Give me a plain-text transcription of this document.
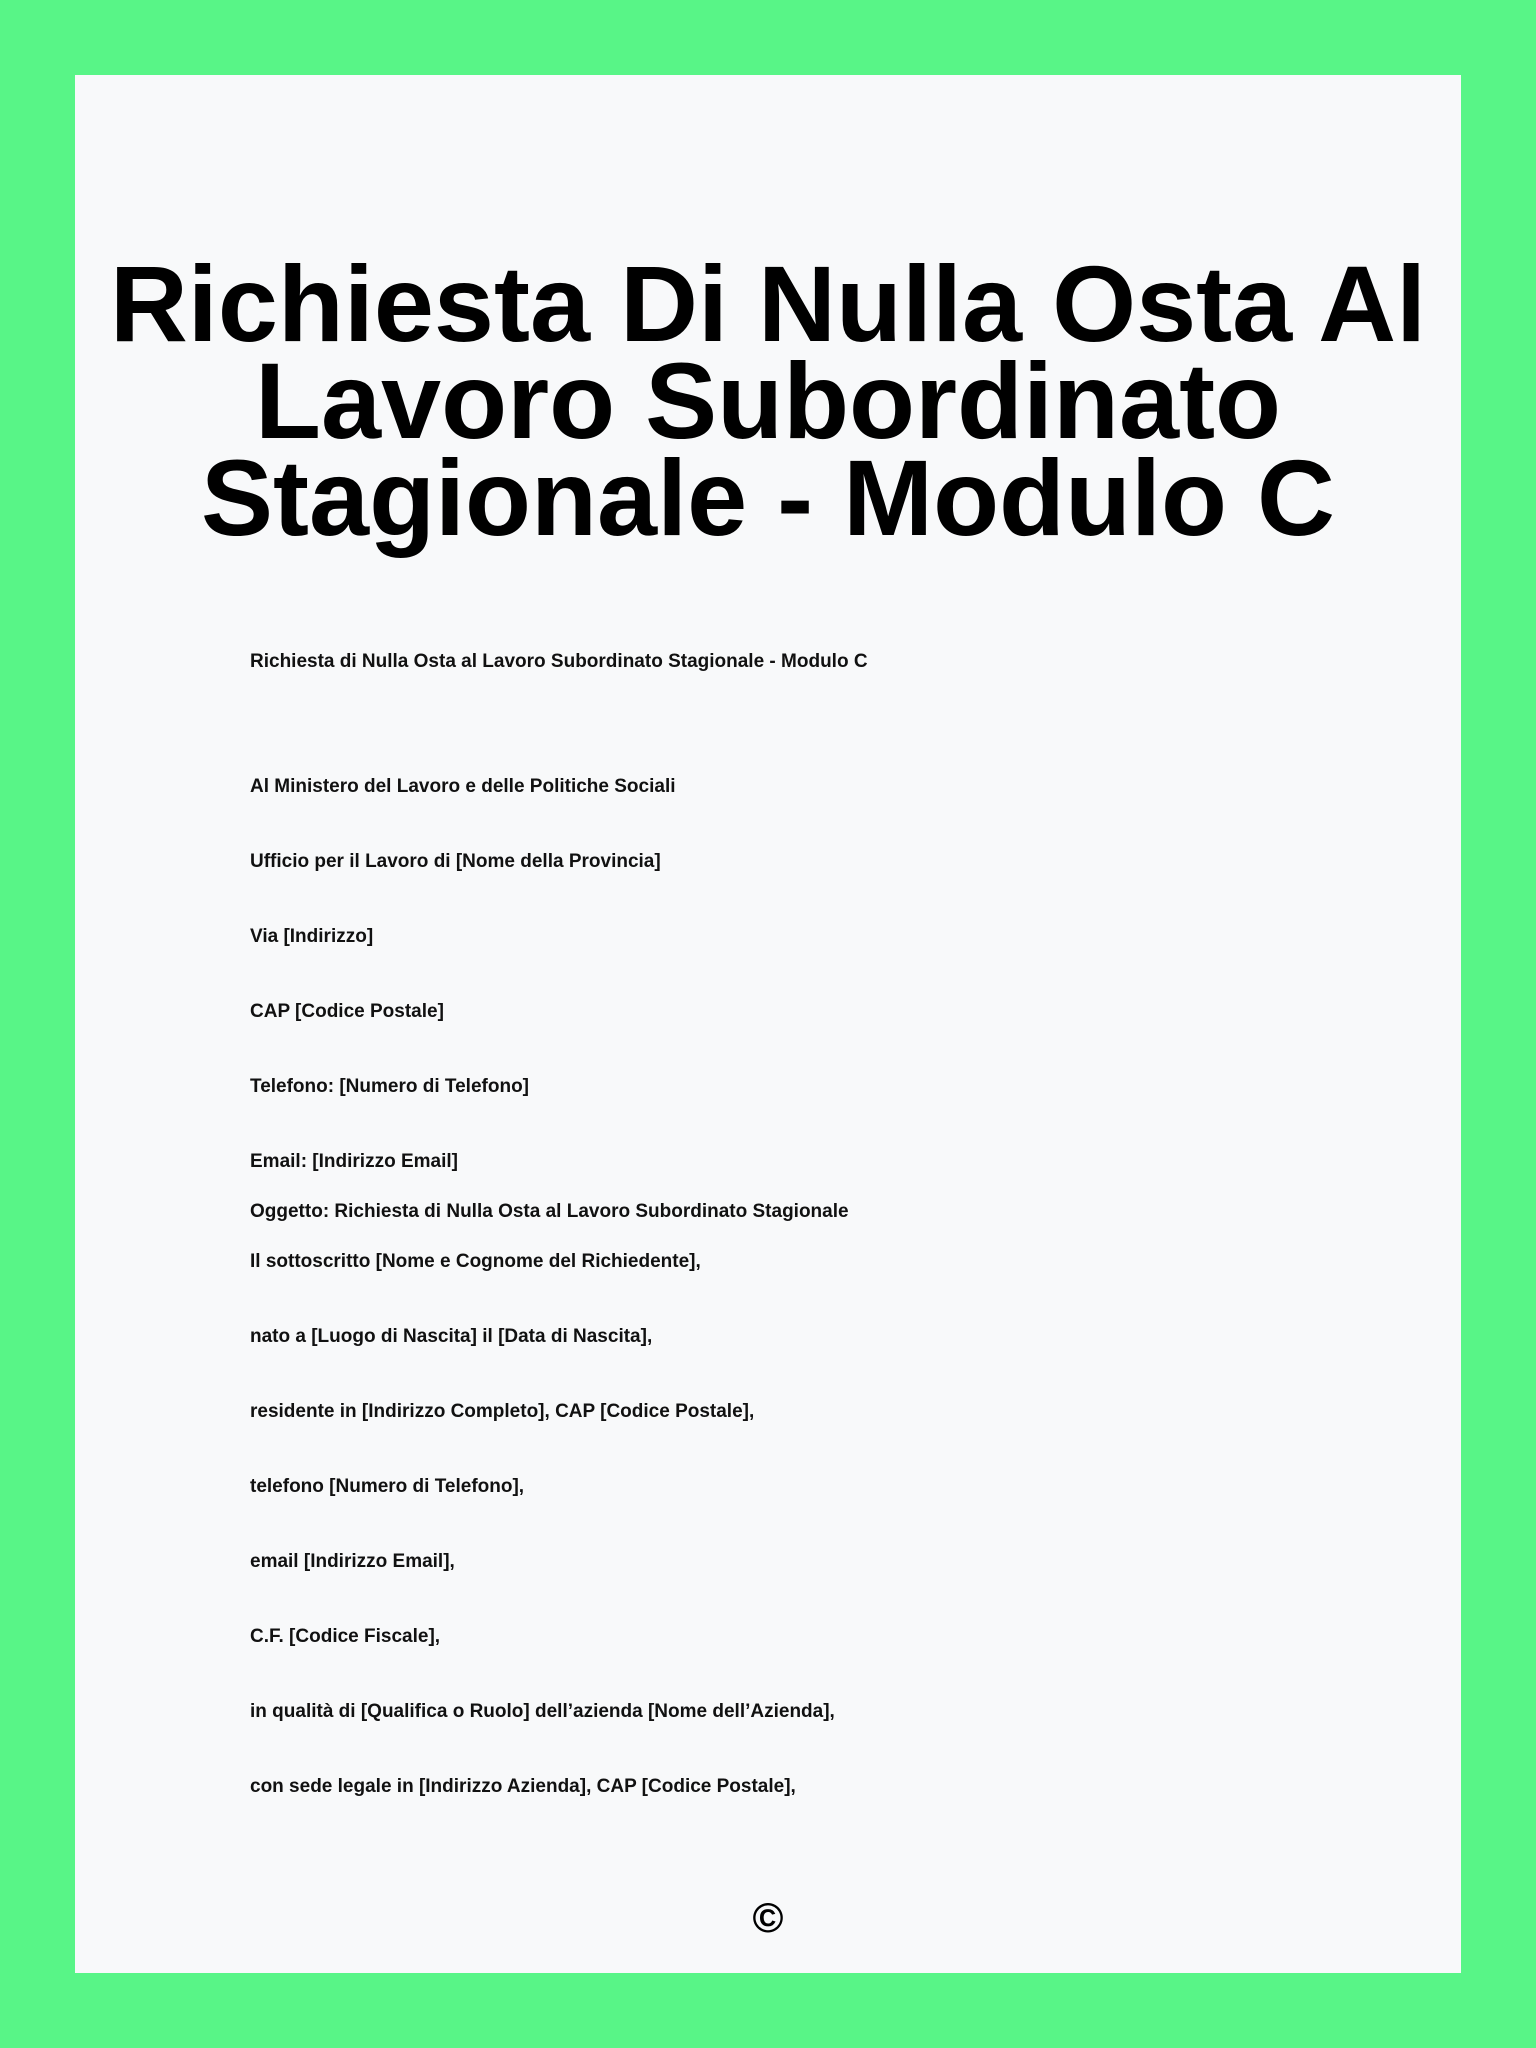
Richiesta Di Nulla Osta Al Lavoro Subordinato Stagionale - Modulo C

Richiesta di Nulla Osta al Lavoro Subordinato Stagionale - Modulo C

Al Ministero del Lavoro e delle Politiche Sociali

Ufficio per il Lavoro di [Nome della Provincia]

Via [Indirizzo]

CAP [Codice Postale]

Telefono: [Numero di Telefono]

Email: [Indirizzo Email]

Oggetto: Richiesta di Nulla Osta al Lavoro Subordinato Stagionale

Il sottoscritto [Nome e Cognome del Richiedente],

nato a [Luogo di Nascita] il [Data di Nascita],

residente in [Indirizzo Completo], CAP [Codice Postale],

telefono [Numero di Telefono],

email [Indirizzo Email],

C.F. [Codice Fiscale],

in qualità di [Qualifica o Ruolo] dell’azienda [Nome dell’Azienda],

con sede legale in [Indirizzo Azienda], CAP [Codice Postale],

©
